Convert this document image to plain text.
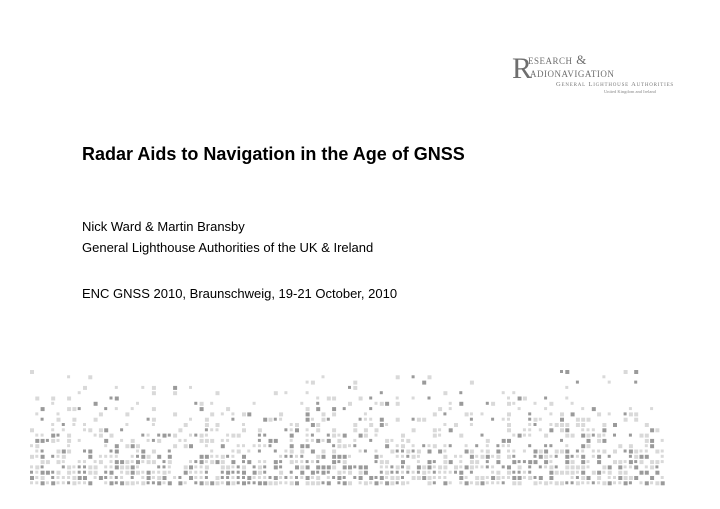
R
esearch &
adionavigation
General Lighthouse Authorities
United Kingdom and Ireland
Radar Aids to Navigation in the Age of GNSS
Nick Ward & Martin Bransby
General Lighthouse Authorities of the UK & Ireland
ENC GNSS 2010, Braunschweig, 19-21 October, 2010
